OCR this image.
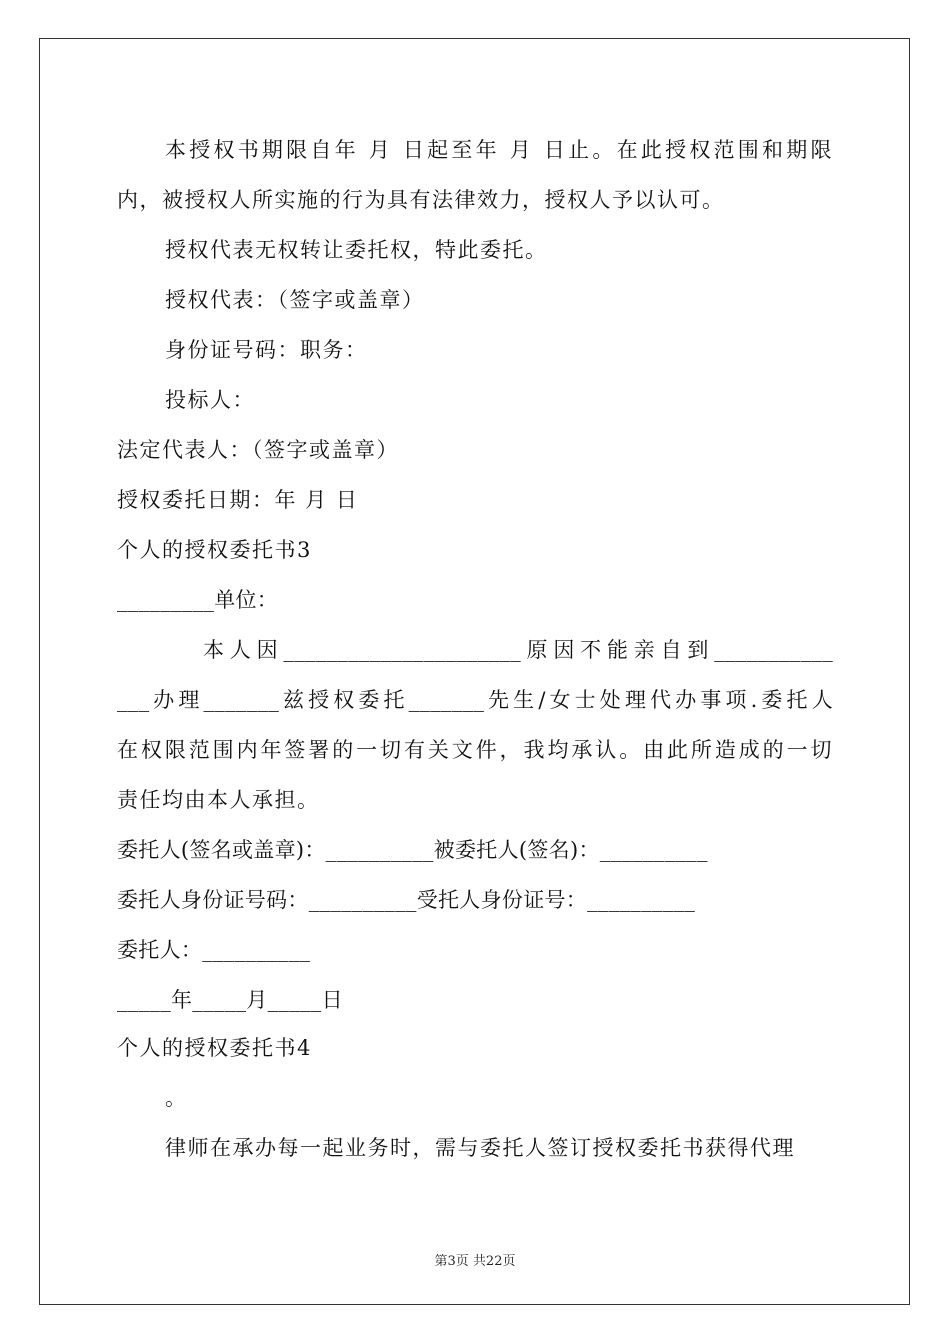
本授权书期限自年 月 日起至年 月 日止。在此授权范围和期限
内，被授权人所实施的行为具有法律效力，授权人予以认可。
授权代表无权转让委托权，特此委托。
授权代表：（签字或盖章）
身份证号码：职务：
投标人：
法定代表人：（签字或盖章）
授权委托日期：年 月 日
个人的授权委托书3
_________单位：
本人因______________________原因不能亲自到___________
___办理_______兹授权委托_______先生/女士处理代办事项.委托人
在权限范围内年签署的一切有关文件，我均承认。由此所造成的一切
责任均由本人承担。
委托人(签名或盖章)：__________被委托人(签名)：__________
委托人身份证号码：__________受托人身份证号：__________
委托人：__________
_____年_____月_____日
个人的授权委托书4
。
律师在承办每一起业务时，需与委托人签订授权委托书获得代理
第3页 共22页
